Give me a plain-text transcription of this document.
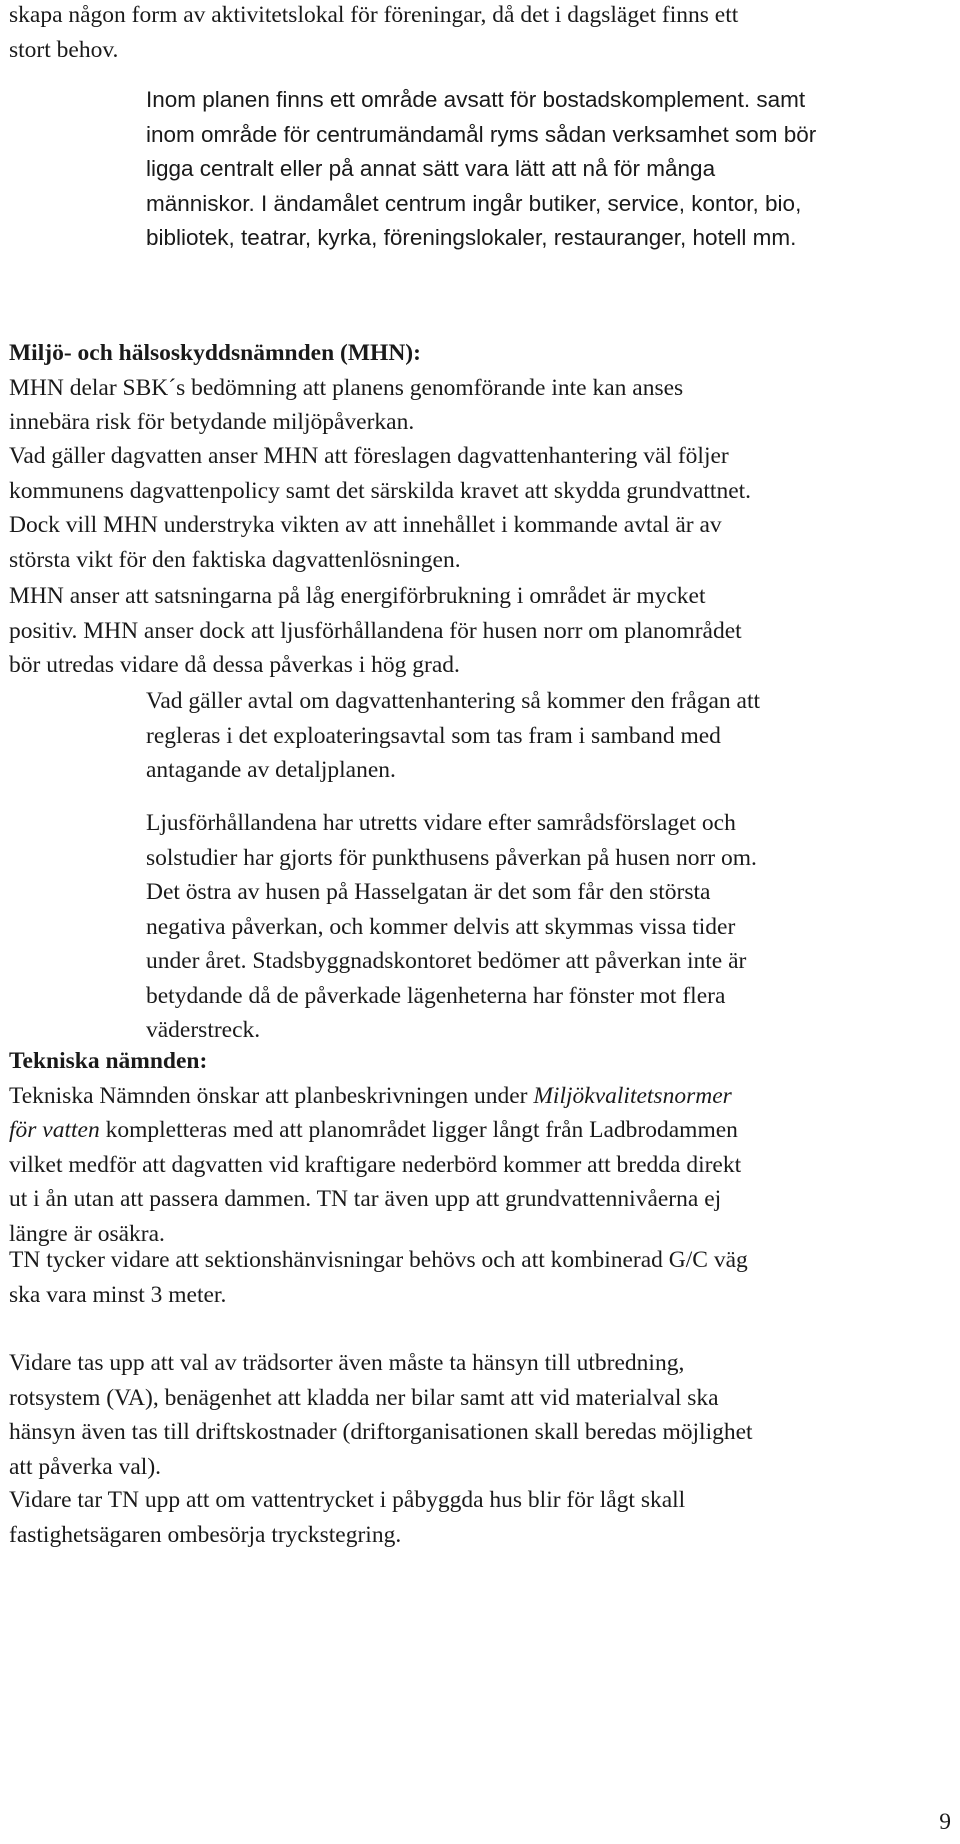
skapa någon form av aktivitetslokal för föreningar, då det i dagsläget finns ett
stort behov.

Inom planen finns ett område avsatt för bostadskomplement. samt
inom område för centrumändamål ryms sådan verksamhet som bör
ligga centralt eller på annat sätt vara lätt att nå för många
människor. I ändamålet centrum ingår butiker, service, kontor, bio,
bibliotek, teatrar, kyrka, föreningslokaler, restauranger, hotell mm.

Miljö- och hälsoskyddsnämnden (MHN):
MHN delar SBK´s bedömning att planens genomförande inte kan anses
innebära risk för betydande miljöpåverkan.

Vad gäller dagvatten anser MHN att föreslagen dagvattenhantering väl följer
kommunens dagvattenpolicy samt det särskilda kravet att skydda grundvattnet.
Dock vill MHN understryka vikten av att innehållet i kommande avtal är av
största vikt för den faktiska dagvattenlösningen.

MHN anser att satsningarna på låg energiförbrukning i området är mycket
positiv. MHN anser dock att ljusförhållandena för husen norr om planområdet
bör utredas vidare då dessa påverkas i hög grad.

Vad gäller avtal om dagvattenhantering så kommer den frågan att
regleras i det exploateringsavtal som tas fram i samband med
antagande av detaljplanen.

Ljusförhållandena har utretts vidare efter samrådsförslaget och
solstudier har gjorts för punkthusens påverkan på husen norr om.
Det östra av husen på Hasselgatan är det som får den största
negativa påverkan, och kommer delvis att skymmas vissa tider
under året. Stadsbyggnadskontoret bedömer att påverkan inte är
betydande då de påverkade lägenheterna har fönster mot flera
väderstreck.

Tekniska nämnden:
Tekniska Nämnden önskar att planbeskrivningen under Miljökvalitetsnormer
för vatten kompletteras med att planområdet ligger långt från Ladbrodammen
vilket medför att dagvatten vid kraftigare nederbörd kommer att bredda direkt
ut i ån utan att passera dammen. TN tar även upp att grundvattennivåerna ej
längre är osäkra.

TN tycker vidare att sektionshänvisningar behövs och att kombinerad G/C väg
ska vara minst 3 meter.

Vidare tas upp att val av trädsorter även måste ta hänsyn till utbredning,
rotsystem (VA), benägenhet att kladda ner bilar samt att vid materialval ska
hänsyn även tas till driftskostnader (driftorganisationen skall beredas möjlighet
att påverka val).

Vidare tar TN upp att om vattentrycket i påbyggda hus blir för lågt skall
fastighetsägaren ombesörja tryckstegring.

9
